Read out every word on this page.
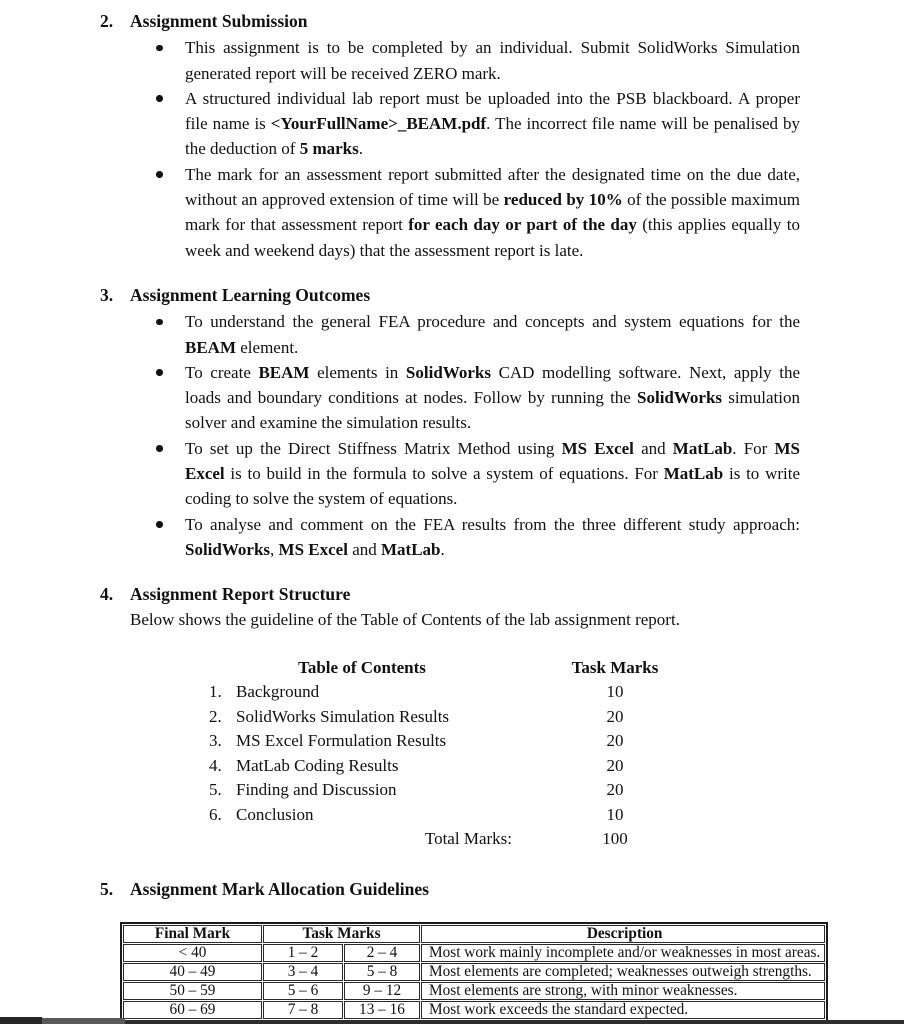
2. Assignment Submission
This assignment is to be completed by an individual. Submit SolidWorks Simulation generated report will be received ZERO mark.
A structured individual lab report must be uploaded into the PSB blackboard. A proper file name is <YourFullName>_BEAM.pdf. The incorrect file name will be penalised by the deduction of 5 marks.
The mark for an assessment report submitted after the designated time on the due date, without an approved extension of time will be reduced by 10% of the possible maximum mark for that assessment report for each day or part of the day (this applies equally to week and weekend days) that the assessment report is late.
3. Assignment Learning Outcomes
To understand the general FEA procedure and concepts and system equations for the BEAM element.
To create BEAM elements in SolidWorks CAD modelling software. Next, apply the loads and boundary conditions at nodes. Follow by running the SolidWorks simulation solver and examine the simulation results.
To set up the Direct Stiffness Matrix Method using MS Excel and MatLab. For MS Excel is to build in the formula to solve a system of equations. For MatLab is to write coding to solve the system of equations.
To analyse and comment on the FEA results from the three different study approach: SolidWorks, MS Excel and MatLab.
4. Assignment Report Structure
Below shows the guideline of the Table of Contents of the lab assignment report.
Table of Contents	Task Marks
1. Background	10
2. SolidWorks Simulation Results	20
3. MS Excel Formulation Results	20
4. MatLab Coding Results	20
5. Finding and Discussion	20
6. Conclusion	10
Total Marks:	100
5. Assignment Mark Allocation Guidelines
Final Mark	Task Marks		Description
< 40	1 – 2	2 – 4	Most work mainly incomplete and/or weaknesses in most areas.
40 – 49	3 – 4	5 – 8	Most elements are completed; weaknesses outweigh strengths.
50 – 59	5 – 6	9 – 12	Most elements are strong, with minor weaknesses.
60 – 69	7 – 8	13 – 16	Most work exceeds the standard expected.
